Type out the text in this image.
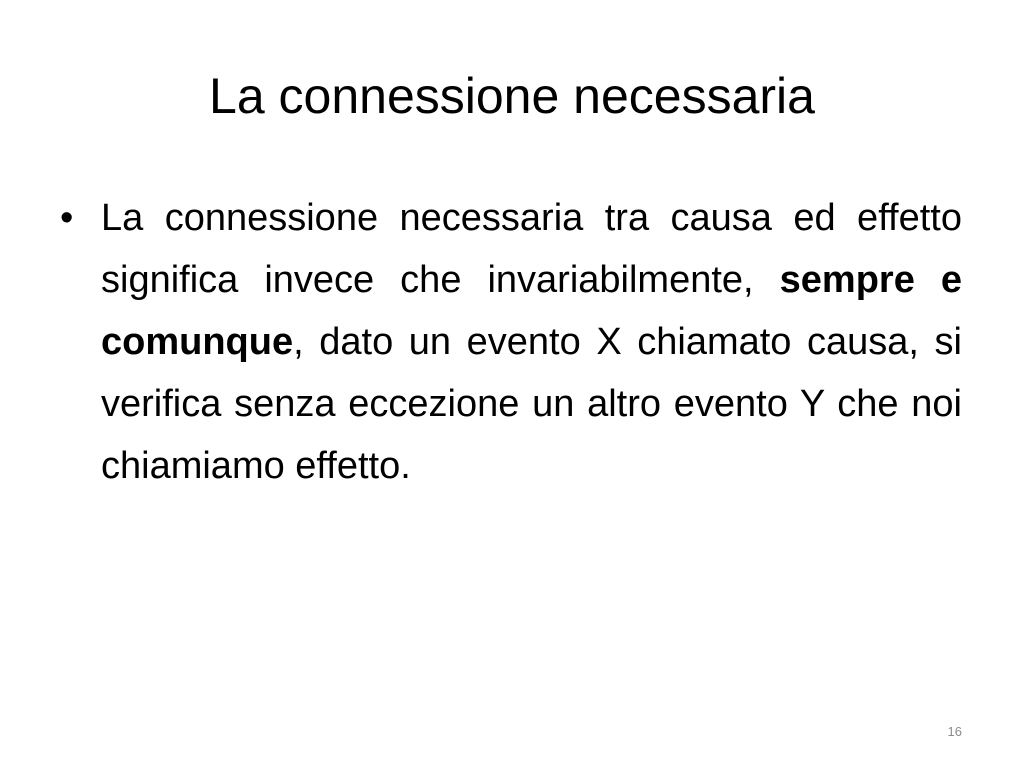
La connessione necessaria
• La connessione necessaria tra causa ed effetto significa invece che invariabilmente, sempre e comunque, dato un evento X chiamato causa, si verifica senza eccezione un altro evento Y che noi chiamiamo effetto.
16
